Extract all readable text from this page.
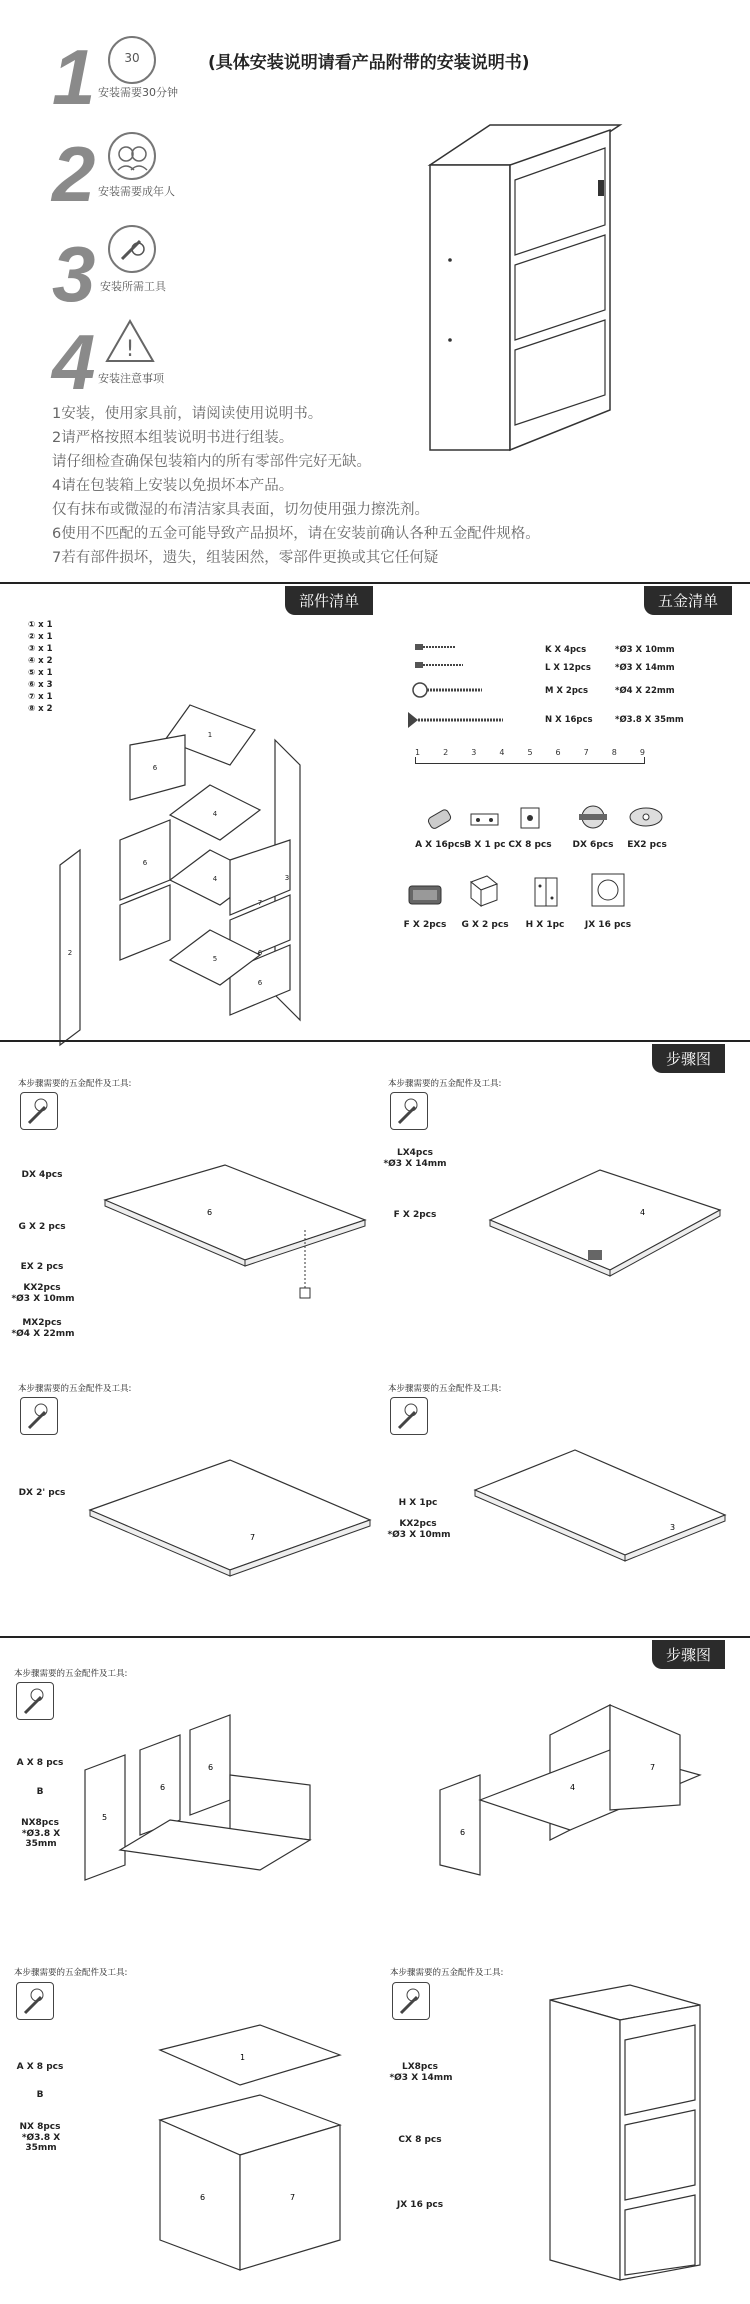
1
2
3
4
30
安装需要30分钟
安装需要成年人
安装所需工具
!
安装注意事项
(具体安装说明请看产品附带的安装说明书)
1安装，使用家具前，请阅读使用说明书。
2请严格按照本组装说明书进行组装。
请仔细检查确保包装箱内的所有零部件完好无缺。
4请在包装箱上安装以免损坏本产品。
仅有抹布或微湿的布清洁家具表面，切勿使用强力擦洗剂。
6使用不匹配的五金可能导致产品损坏，请在安装前确认各种五金配件规格。
7若有部件损坏，遗失，组装困然，零部件更换或其它任何疑
部件清单	五金清单
① x 1
② x 1
③ x 1
④ x 2
⑤ x 1
⑥ x 3
⑦ x 1
⑧ x 2
1
6
3
2
4
6
4
7
6
6
5
K X 4pcs	*Ø3 X 10mm
L X 12pcs	*Ø3 X 14mm
M X 2pcs	*Ø4 X 22mm
N X 16pcs	*Ø3.8 X 35mm
1	2	3	4	5	6	7	8	9
A X 16pcs B X 1 pc CX 8 pcs	DX 6pcs	EX2 pcs
F X 2pcs	G X 2 pcs	H X 1pc	JX 16 pcs
步骤图
本步骤需要的五金配件及工具:
DX 4pcs
G X 2 pcs
EX 2 pcs
KX2pcs
*Ø3 X 10mm
MX2pcs
*Ø4 X 22mm
6
本步骤需要的五金配件及工具:
LX4pcs
*Ø3 X 14mm
F X 2pcs	4
本步骤需要的五金配件及工具:
DX 2' pcs
7
本步骤需要的五金配件及工具:
H X 1pc
KX2pcs
*Ø3 X 10mm
3
步骤图
本步骤需要的五金配件及工具:
A X 8 pcs
B
NX8pcs
*Ø3.8 X 35mm
5
6
6
6
4
7
本步骤需要的五金配件及工具:
A X 8 pcs
B
NX 8pcs
*Ø3.8 X 35mm
1
6	7
本步骤需要的五金配件及工具:
LX8pcs
*Ø3 X 14mm
CX 8 pcs
JX 16 pcs
